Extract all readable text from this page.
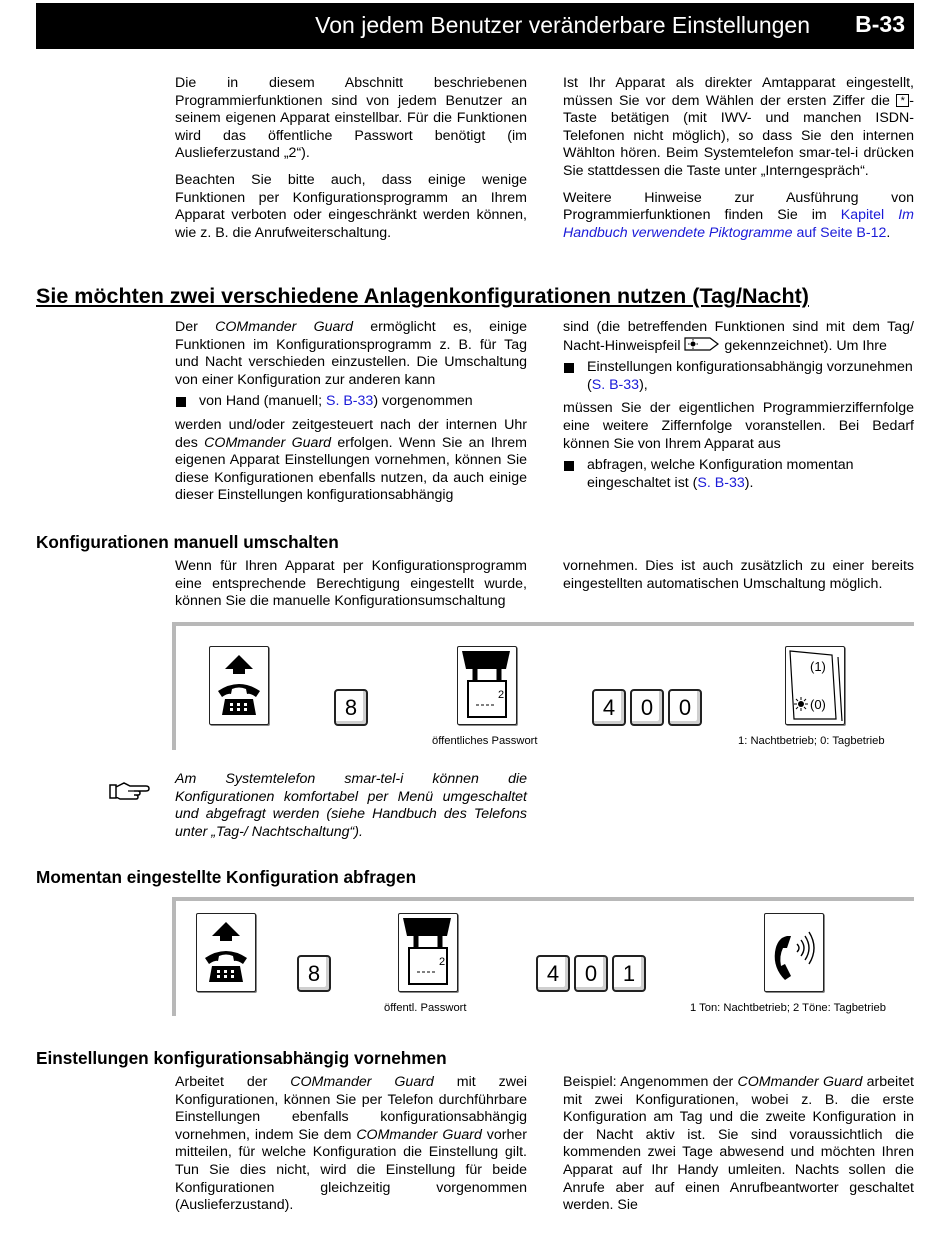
Von jedem Benutzer veränderbare Einstellungen B-33

Die in diesem Abschnitt beschriebenen Programmierfunktionen sind von jedem Benutzer an seinem eigenen Apparat einstellbar. Für die Funktionen wird das öffentliche Passwort benötigt (im Auslieferzustand „2“).

Beachten Sie bitte auch, dass einige wenige Funktionen per Konfigurationsprogramm an Ihrem Apparat verboten oder eingeschränkt werden können, wie z. B. die Anrufweiterschaltung.

Ist Ihr Apparat als direkter Amtapparat eingestellt, müssen Sie vor dem Wählen der ersten Ziffer die * -Taste betätigen (mit IWV- und manchen ISDN-Telefonen nicht möglich), so dass Sie den internen Wählton hören. Beim Systemtelefon smar-tel-i drücken Sie stattdessen die Taste unter „Interngespräch“.

Weitere Hinweise zur Ausführung von Programmierfunktionen finden Sie im Kapitel Im Handbuch verwendete Piktogramme auf Seite B-12.

Sie möchten zwei verschiedene Anlagenkonfigurationen nutzen (Tag/Nacht)

Der COMmander Guard ermöglicht es, einige Funktionen im Konfigurationsprogramm z. B. für Tag und Nacht verschieden einzustellen. Die Umschaltung von einer Konfiguration zur anderen kann

von Hand (manuell; S. B-33) vorgenommen

werden und/oder zeitgesteuert nach der internen Uhr des COMmander Guard erfolgen. Wenn Sie an Ihrem eigenen Apparat Einstellungen vornehmen, können Sie diese Konfigurationen ebenfalls nutzen, da auch einige dieser Einstellungen konfigurationsabhängig

sind (die betreffenden Funktionen sind mit dem Tag/ Nacht-Hinweispfeil	gekennzeichnet). Um Ihre

Einstellungen konfigurationsabhängig vorzunehmen (S. B-33),

müssen Sie der eigentlichen Programmierziffernfolge eine weitere Ziffernfolge voranstellen. Bei Bedarf können Sie von Ihrem Apparat aus

abfragen, welche Konfiguration momentan eingeschaltet ist (S. B-33).
Konfigurationen manuell umschalten

Wenn für Ihren Apparat per Konfigurationsprogramm eine entsprechende Berechtigung eingestellt wurde, können Sie die manuelle Konfigurationsumschaltung

vornehmen. Dies ist auch zusätzlich zu einer bereits eingestellten automatischen Umschaltung möglich.

8	2
öffentliches Passwort
4	0	0
(1)
(0)
1: Nachtbetrieb; 0: Tagbetrieb
Am Systemtelefon smar-tel-i können die Konfigurationen komfortabel per Menü umgeschaltet und abgefragt werden (siehe Handbuch des Telefons unter „Tag-/ Nachtschaltung“).
Momentan eingestellte Konfiguration abfragen
8	2
öffentl. Passwort
4	0	1
1 Ton: Nachtbetrieb; 2 Töne: Tagbetrieb
Einstellungen konfigurationsabhängig vornehmen

Arbeitet der COMmander Guard mit zwei Konfigurationen, können Sie per Telefon durchführbare Einstellungen ebenfalls konfigurationsabhängig vornehmen, indem Sie dem COMmander Guard vorher mitteilen, für welche Konfiguration die Einstellung gilt. Tun Sie dies nicht, wird die Einstellung für beide Konfigurationen gleichzeitig vorgenommen (Auslieferzustand).

Beispiel: Angenommen der COMmander Guard arbeitet mit zwei Konfigurationen, wobei z. B. die erste Konfiguration am Tag und die zweite Konfiguration in der Nacht aktiv ist. Sie sind voraussichtlich die kommenden zwei Tage abwesend und möchten Ihren Apparat auf Ihr Handy umleiten. Nachts sollen die Anrufe aber auf einen Anrufbeantworter geschaltet werden. Sie
